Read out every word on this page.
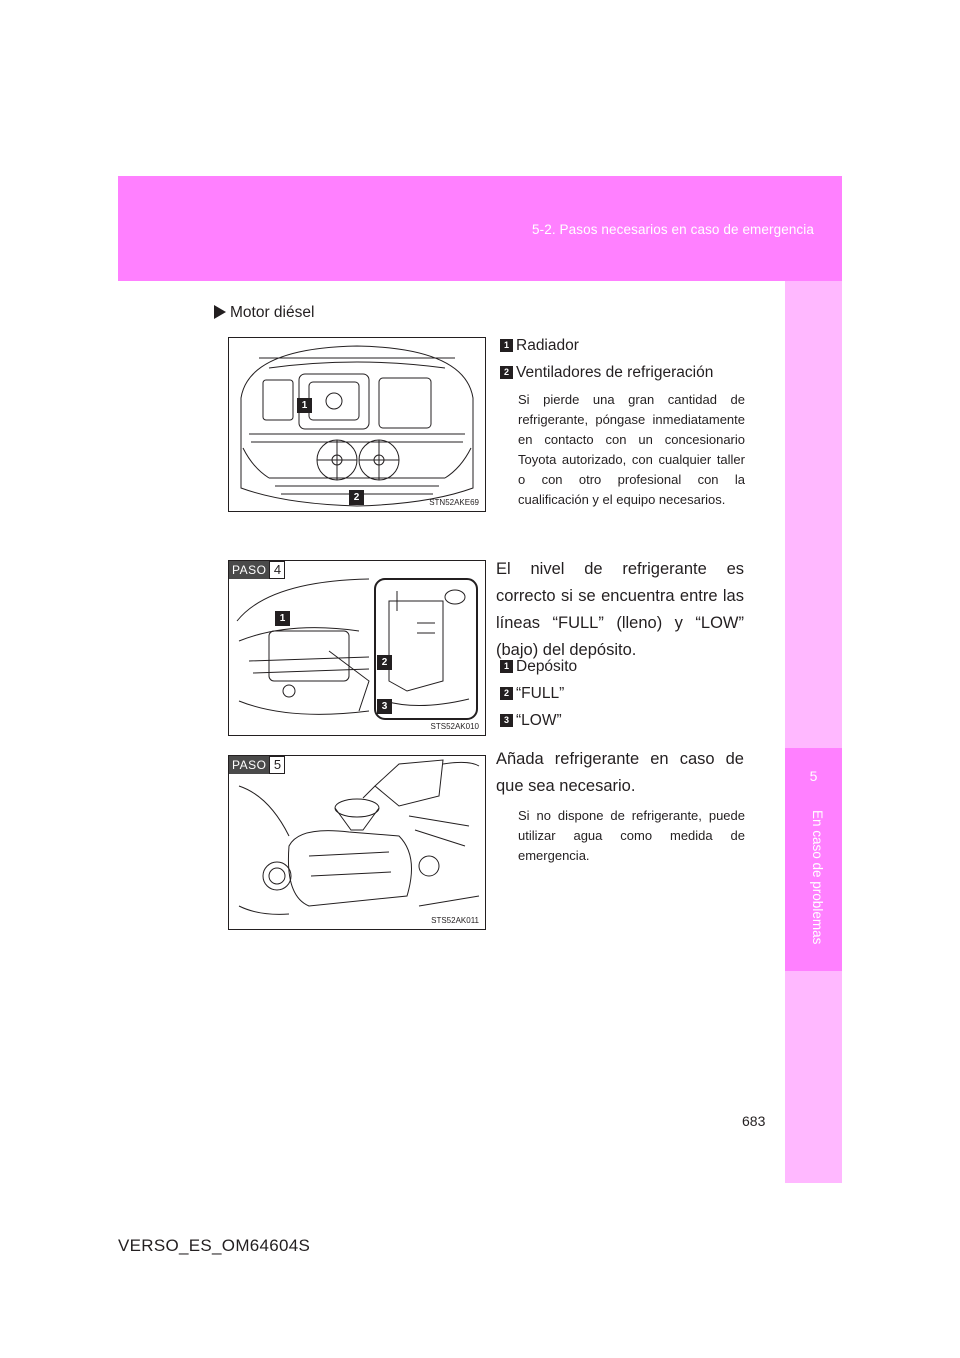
5-2. Pasos necesarios en caso de emergencia
5
En caso de problemas
Motor diésel
1
2	STN52AKE69
1 Radiador
2 Ventiladores de refrigeración
Si pierde una gran cantidad de refrigerante, póngase inmediatamente en contacto con un concesionario Toyota autorizado, con cualquier taller o con otro profesional con la cualificación y el equipo necesarios.
PASO 4
1
2
3
STS52AK010
El nivel de refrigerante es correcto si se encuentra entre las líneas “FULL” (lleno) y “LOW” (bajo) del depósito.
1 Depósito
2 “FULL”
3 “LOW”
PASO 5
STS52AK011
Añada refrigerante en caso de que sea necesario.
Si no dispone de refrigerante, puede utilizar agua como medida de emergencia.
683
VERSO_ES_OM64604S
